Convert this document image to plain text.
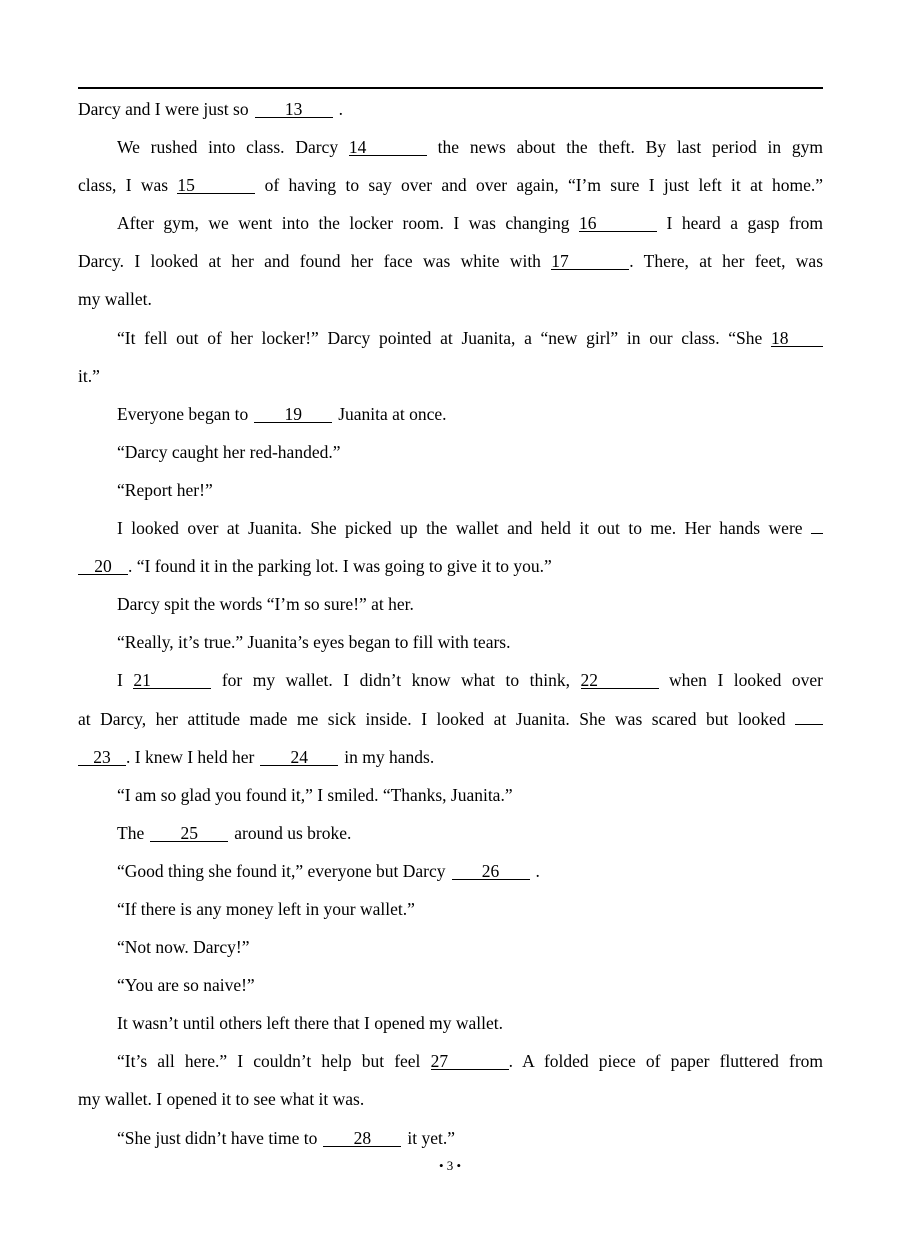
Darcy and I were just so 13 .
We rushed into class. Darcy 14	the news about the theft. By last period in gym
class, I was 15	of having to say over and over again, “I’m sure I just left it at home.”
After gym, we went into the locker room. I was changing 16	I heard a gasp from
Darcy. I looked at her and found her face was white with 17	. There, at her feet, was
my wallet.
“It fell out of her locker!” Darcy pointed at Juanita, a “new girl” in our class. “She 18
it.”
Everyone began to 19 Juanita at once.
“Darcy caught her red-handed.”
“Report her!”
I looked over at Juanita. She picked up the wallet and held it out to me. Her hands were
20 . “I found it in the parking lot. I was going to give it to you.”
Darcy spit the words “I’m so sure!” at her.
“Really, it’s true.” Juanita’s eyes began to fill with tears.
I 21	for my wallet. I didn’t know what to think, 22	when I looked over
at Darcy, her attitude made me sick inside. I looked at Juanita. She was scared but looked
23 . I knew I held her 24 in my hands.
“I am so glad you found it,” I smiled. “Thanks, Juanita.”
The 25 around us broke.
“Good thing she found it,” everyone but Darcy 26 .
“If there is any money left in your wallet.”
“Not now. Darcy!”
“You are so naive!”
It wasn’t until others left there that I opened my wallet.
“It’s all here.” I couldn’t help but feel 27	. A folded piece of paper fluttered from
my wallet. I opened it to see what it was.
“She just didn’t have time to 28 it yet.”
• 3 •
